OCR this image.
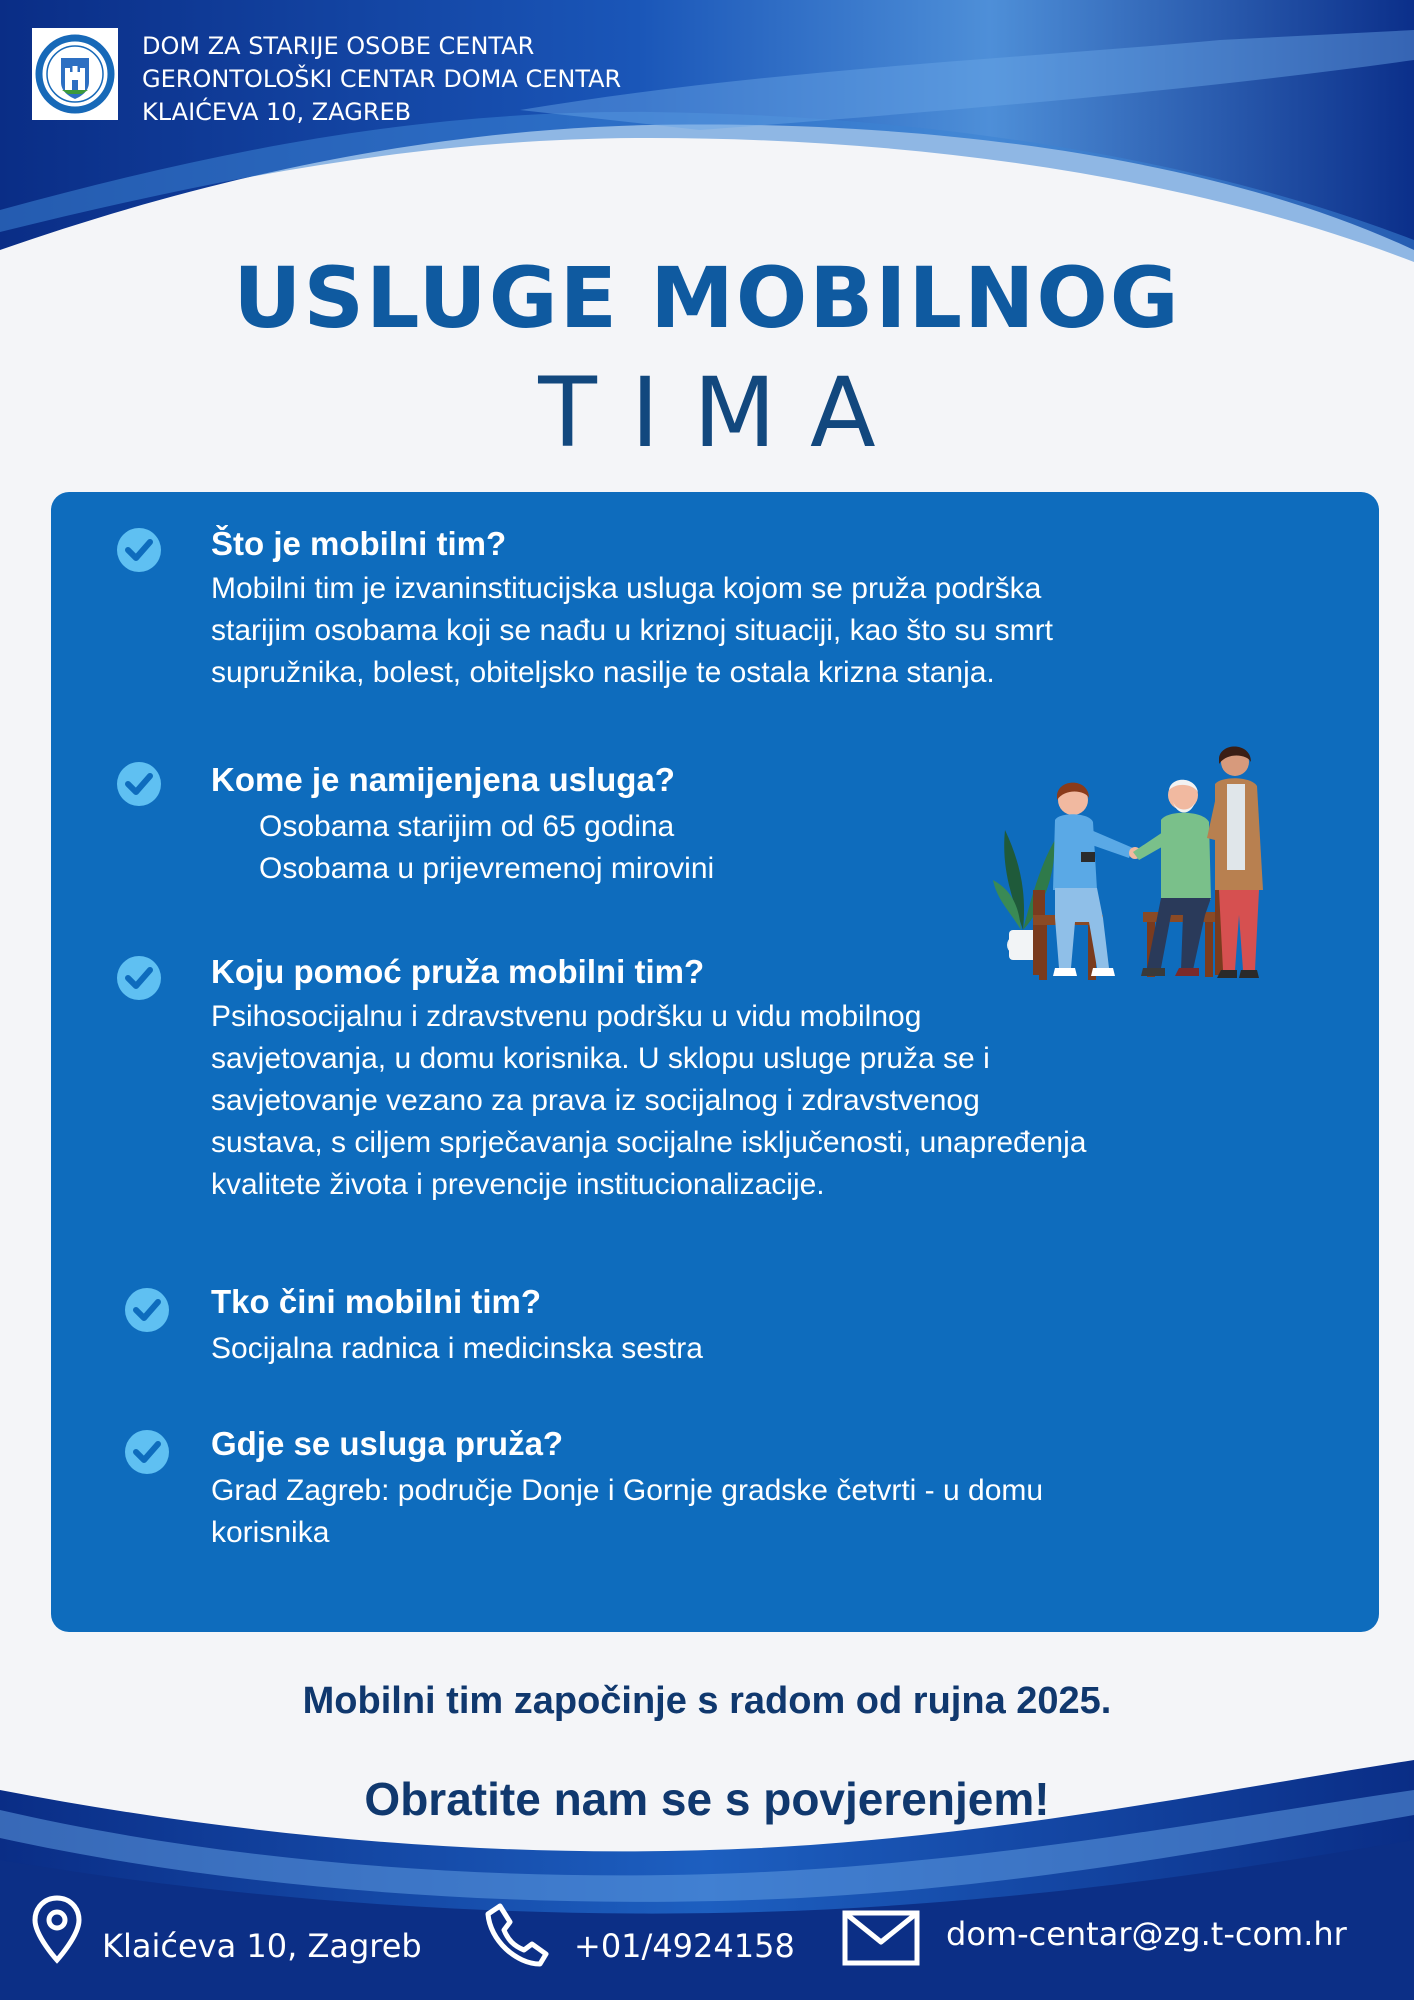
DOM ZA STARIJE OSOBE CENTAR
GERONTOLOŠKI CENTAR DOMA CENTAR
KLAIĆEVA 10, ZAGREB
USLUGE MOBILNOG
TIMA
Što je mobilni tim?
Mobilni tim je izvaninstitucijska usluga kojom se pruža podrška
starijim osobama koji se nađu u kriznoj situaciji, kao što su smrt
supružnika, bolest, obiteljsko nasilje te ostala krizna stanja.
Kome je namijenjena usluga?
Osobama starijim od 65 godina
Osobama u prijevremenoj mirovini
Koju pomoć pruža mobilni tim?
Psihosocijalnu i zdravstvenu podršku u vidu mobilnog
savjetovanja, u domu korisnika. U sklopu usluge pruža se i
savjetovanje vezano za prava iz socijalnog i zdravstvenog
sustava, s ciljem sprječavanja socijalne isključenosti, unapređenja
kvalitete života i prevencije institucionalizacije.
Tko čini mobilni tim?
Socijalna radnica i medicinska sestra
Gdje se usluga pruža?
Grad Zagreb: područje Donje i Gornje gradske četvrti - u domu
korisnika
Mobilni tim započinje s radom od rujna 2025.
Obratite nam se s povjerenjem!
Klaićeva 10, Zagreb	+01/4924158	dom-centar@zg.t-com.hr
